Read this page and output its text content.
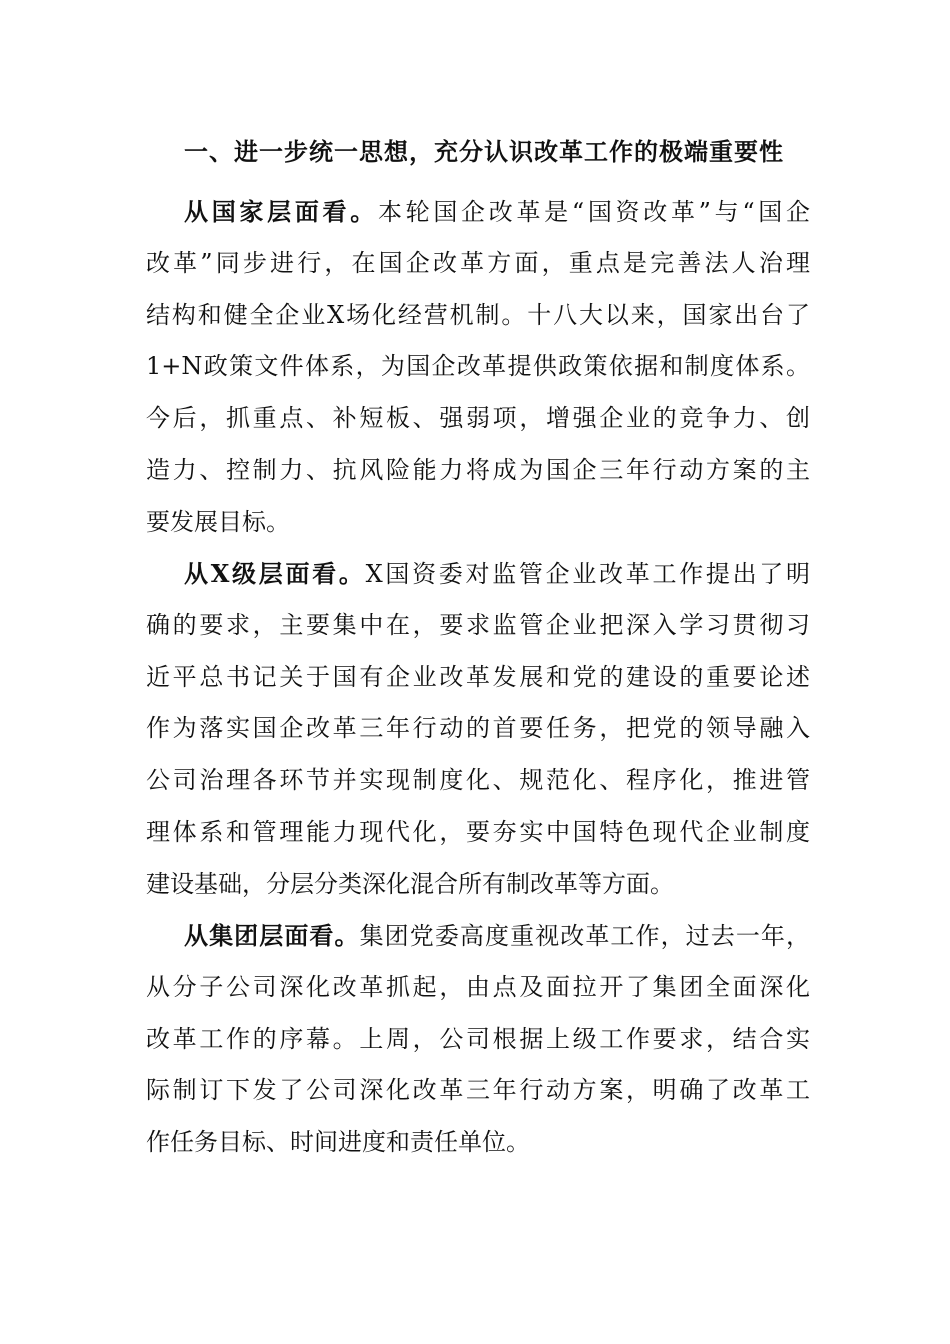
一、进一步统一思想，充分认识改革工作的极端重要性
从国家层面看。本轮国企改革是“国资改革”与“国企
改革”同步进行，在国企改革方面，重点是完善法人治理
结构和健全企业X场化经营机制。十八大以来，国家出台了
1+N政策文件体系，为国企改革提供政策依据和制度体系。
今后，抓重点、补短板、强弱项，增强企业的竞争力、创
造力、控制力、抗风险能力将成为国企三年行动方案的主
要发展目标。
从X级层面看。X国资委对监管企业改革工作提出了明
确的要求，主要集中在，要求监管企业把深入学习贯彻习
近平总书记关于国有企业改革发展和党的建设的重要论述
作为落实国企改革三年行动的首要任务，把党的领导融入
公司治理各环节并实现制度化、规范化、程序化，推进管
理体系和管理能力现代化，要夯实中国特色现代企业制度
建设基础，分层分类深化混合所有制改革等方面。
从集团层面看。集团党委高度重视改革工作，过去一年，
从分子公司深化改革抓起，由点及面拉开了集团全面深化
改革工作的序幕。上周，公司根据上级工作要求，结合实
际制订下发了公司深化改革三年行动方案，明确了改革工
作任务目标、时间进度和责任单位。
